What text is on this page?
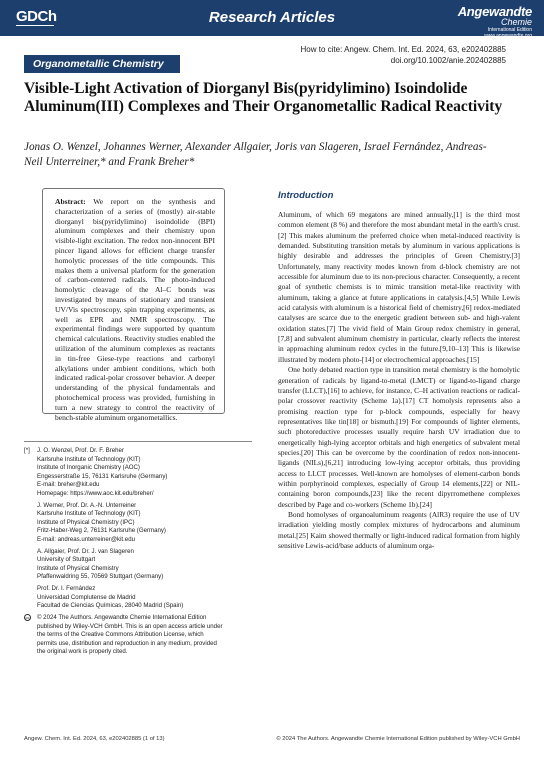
GDCh	Research Articles	Angewandte
Chemie
International Edition
www.angewandte.org
Organometallic Chemistry
How to cite: Angew. Chem. Int. Ed. 2024, 63, e202402885
doi.org/10.1002/anie.202402885
Visible-Light Activation of Diorganyl Bis(pyridylimino) Isoindolide Aluminum(III) Complexes and Their Organometallic Radical Reactivity
Jonas O. Wenzel, Johannes Werner, Alexander Allgaier, Joris van Slageren, Israel Fernández, Andreas-Neil Unterreiner,* and Frank Breher*

Abstract: We report on the synthesis and characterization of a series of (mostly) air-stable diorganyl bis(pyridylimino) isoindolide (BPI) aluminum complexes and their chemistry upon visible-light excitation. The redox non-innocent BPI pincer ligand allows for efficient charge transfer homolytic processes of the title compounds. This makes them a universal platform for the generation of carbon-centered radicals. The photo-induced homolytic cleavage of the Al–C bonds was investigated by means of stationary and transient UV/Vis spectroscopy, spin trapping experiments, as well as EPR and NMR spectroscopy. The experimental findings were supported by quantum chemical calculations. Reactivity studies enabled the utilization of the aluminum complexes as reactants in tin-free Giese-type reactions and carbonyl alkylations under ambient conditions, which both indicated radical-polar crossover behavior. A deeper understanding of the physical fundamentals and photochemical process was provided, furnishing in turn a new strategy to control the reactivity of bench-stable aluminum organometallics.

[*]	J. O. Wenzel, Prof. Dr. F. Breher
Karlsruhe Institute of Technology (KIT)
Institute of Inorganic Chemistry (AOC)
Engesserstraße 15, 76131 Karlsruhe (Germany)
E-mail: breher@kit.edu
Homepage: https://www.aoc.kit.edu/breher/
J. Werner, Prof. Dr. A.-N. Unterreiner
Karlsruhe Institute of Technology (KIT)
Institute of Physical Chemistry (IPC)
Fritz-Haber-Weg 2, 76131 Karlsruhe (Germany)
E-mail: andreas.unterreiner@kit.edu
A. Allgaier, Prof. Dr. J. van Slageren
University of Stuttgart
Institute of Physical Chemistry
Pfaffenwaldring 55, 70569 Stuttgart (Germany)
Prof. Dr. I. Fernández
Universidad Complutense de Madrid
Facultad de Ciencias Químicas, 28040 Madrid (Spain)
cc	© 2024 The Authors. Angewandte Chemie International Edition
published by Wiley-VCH GmbH. This is an open access article under
the terms of the Creative Commons Attribution License, which
permits use, distribution and reproduction in any medium, provided
the original work is properly cited.
Introduction

Aluminum, of which 69 megatons are mined annually,[1] is the third most common element (8 %) and therefore the most abundant metal in the earth's crust.[2] This makes aluminum the preferred choice when metal-induced reactivity is demanded. Substituting transition metals by aluminum in various applications is highly desirable and addresses the principles of Green Chemistry.[3] Unfortunately, many reactivity modes known from d-block chemistry are not accessible for aluminum due to its non-precious character. Consequently, a recent goal of synthetic chemists is to mimic transition metal-like reactivity with aluminum, taking a glance at future applications in catalysis.[4,5] While Lewis acid catalysis with aluminum is a historical field of chemistry,[6] redox-mediated catalyses are scarce due to the energetic gradient between sub- and high-valent oxidation states.[7] The vivid field of Main Group redox chemistry in general,[7,8] and subvalent aluminum chemistry in particular, clearly reflects the interest in approaching aluminum redox cycles in the future.[9,10–13] This is likewise illustrated by modern photo-[14] or electrochemical approaches.[15]

One hotly debated reaction type in transition metal chemistry is the homolytic generation of radicals by ligand-to-metal (LMCT) or ligand-to-ligand charge transfer (LLCT),[16] to achieve, for instance, C–H activation reactions or radical-polar crossover reactivity (Scheme 1a).[17] CT homolysis represents also a promising reaction type for p-block compounds, especially for heavy representatives like tin[18] or bismuth.[19] For compounds of lighter elements, such photoreductive processes usually require harsh UV irradiation due to energetically high-lying acceptor orbitals and high energetics of subvalent metal species.[20] This can be overcome by the coordination of redox non-innocent-ligands (NILs),[6,21] introducing low-lying acceptor orbitals, thus providing access to LLCT processes. Well-known are homolyses of element-carbon bonds within porphyrinoid complexes, especially of Group 14 elements,[22] or NIL-containing boron compounds,[23] like the recent dipyrromethene complexes described by Page and co-workers (Scheme 1b).[24]

Bond homolyses of organoaluminum reagents (AlR3) require the use of UV irradiation yielding mostly complex mixtures of hydrocarbons and aluminum metal.[25] Kaim showed thermally or light-induced radical formation from highly sensitive Lewis-acid/base adducts of aluminum orga-

Angew. Chem. Int. Ed. 2024, 63, e202402885 (1 of 13)	© 2024 The Authors. Angewandte Chemie International Edition published by Wiley-VCH GmbH
